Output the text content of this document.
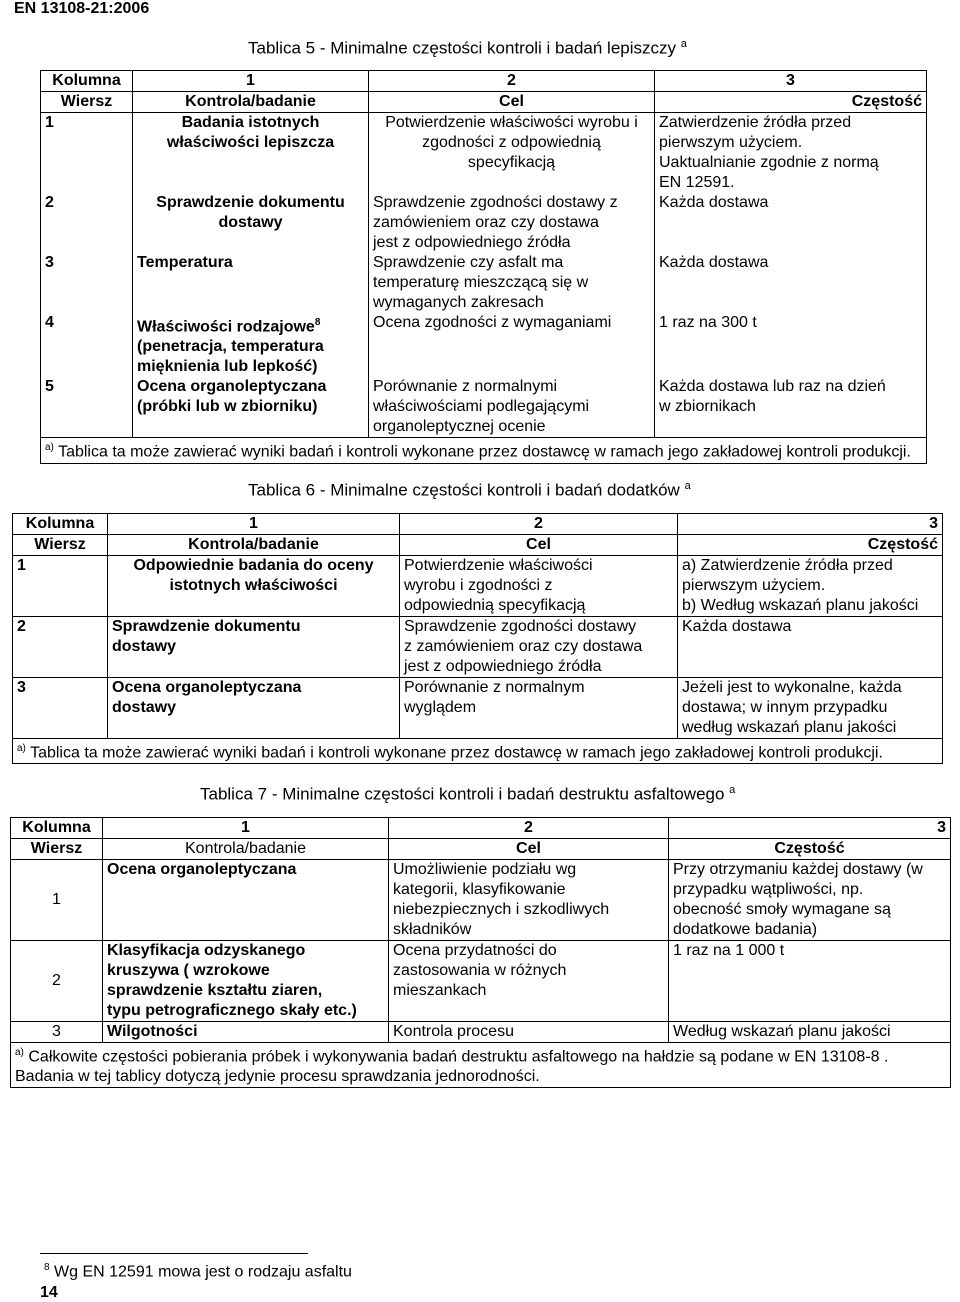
EN 13108-21:2006
Tablica 5 - Minimalne częstości kontroli i badań lepiszczy $^a$
Kolumna	1	2	3
Wiersz	Kontrola/badanie	Cel	Częstość
1	Badania istotnych
właściwości lepiszcza	Potwierdzenie właściwości wyrobu i
zgodności z odpowiednią
specyfikacją	Zatwierdzenie źródła przed
pierwszym użyciem.
Uaktualnianie zgodnie z normą
EN 12591.
2	Sprawdzenie dokumentu
dostawy	Sprawdzenie zgodności dostawy z
zamówieniem oraz czy dostawa
jest z odpowiedniego źródła	Każda dostawa
3	Temperatura	Sprawdzenie czy asfalt ma
temperaturę mieszczącą się w
wymaganych zakresach	Każda dostawa
4	Właściwości rodzajowe$^8$
(penetracja, temperatura
mięknienia lub lepkość)	Ocena zgodności z wymaganiami	1 raz na 300 t
5	Ocena organoleptyczana
(próbki lub w zbiorniku)	Porównanie z normalnymi
właściwościami podlegającymi
organoleptycznej ocenie	Każda dostawa lub raz na dzień
w zbiornikach
$^{a)}$ Tablica ta może zawierać wyniki badań i kontroli wykonane przez dostawcę w ramach jego zakładowej kontroli produkcji.			
Tablica 6 - Minimalne częstości kontroli i badań dodatków $^a$
Kolumna	1	2	3
Wiersz	Kontrola/badanie	Cel	Częstość
1	Odpowiednie badania do oceny
istotnych właściwości	Potwierdzenie właściwości
wyrobu i zgodności z
odpowiednią specyfikacją	a) Zatwierdzenie źródła przed
pierwszym użyciem.
b) Według wskazań planu jakości
2	Sprawdzenie dokumentu
dostawy	Sprawdzenie zgodności dostawy
z zamówieniem oraz czy dostawa
jest z odpowiedniego źródła	Każda dostawa
3	Ocena organoleptyczana
dostawy	Porównanie z normalnym
wyglądem	Jeżeli jest to wykonalne, każda
dostawa; w innym przypadku
według wskazań planu jakości
$^{a)}$ Tablica ta może zawierać wyniki badań i kontroli wykonane przez dostawcę w ramach jego zakładowej kontroli produkcji.			
Tablica 7 - Minimalne częstości kontroli i badań destruktu asfaltowego $^a$
Kolumna	1	2	3
Wiersz	Kontrola/badanie	Cel	Częstość
1	Ocena organoleptyczana	Umożliwienie podziału wg
kategorii, klasyfikowanie
niebezpiecznych i szkodliwych
składników	Przy otrzymaniu każdej dostawy (w
przypadku wątpliwości, np.
obecność smoły wymagane są
dodatkowe badania)
2	Klasyfikacja odzyskanego
kruszywa ( wzrokowe
sprawdzenie kształtu ziaren,
typu petrograficznego skały etc.)	Ocena przydatności do
zastosowania w różnych
mieszankach	1 raz na 1 000 t
3	Wilgotności	Kontrola procesu	Według wskazań planu jakości
$^{a)}$ Całkowite częstości pobierania próbek i wykonywania badań destruktu asfaltowego na hałdzie są podane w EN 13108-8 . Badania w tej tablicy dotyczą jedynie procesu sprawdzania jednorodności.			
$^8$ Wg EN 12591 mowa jest o rodzaju asfaltu
14
